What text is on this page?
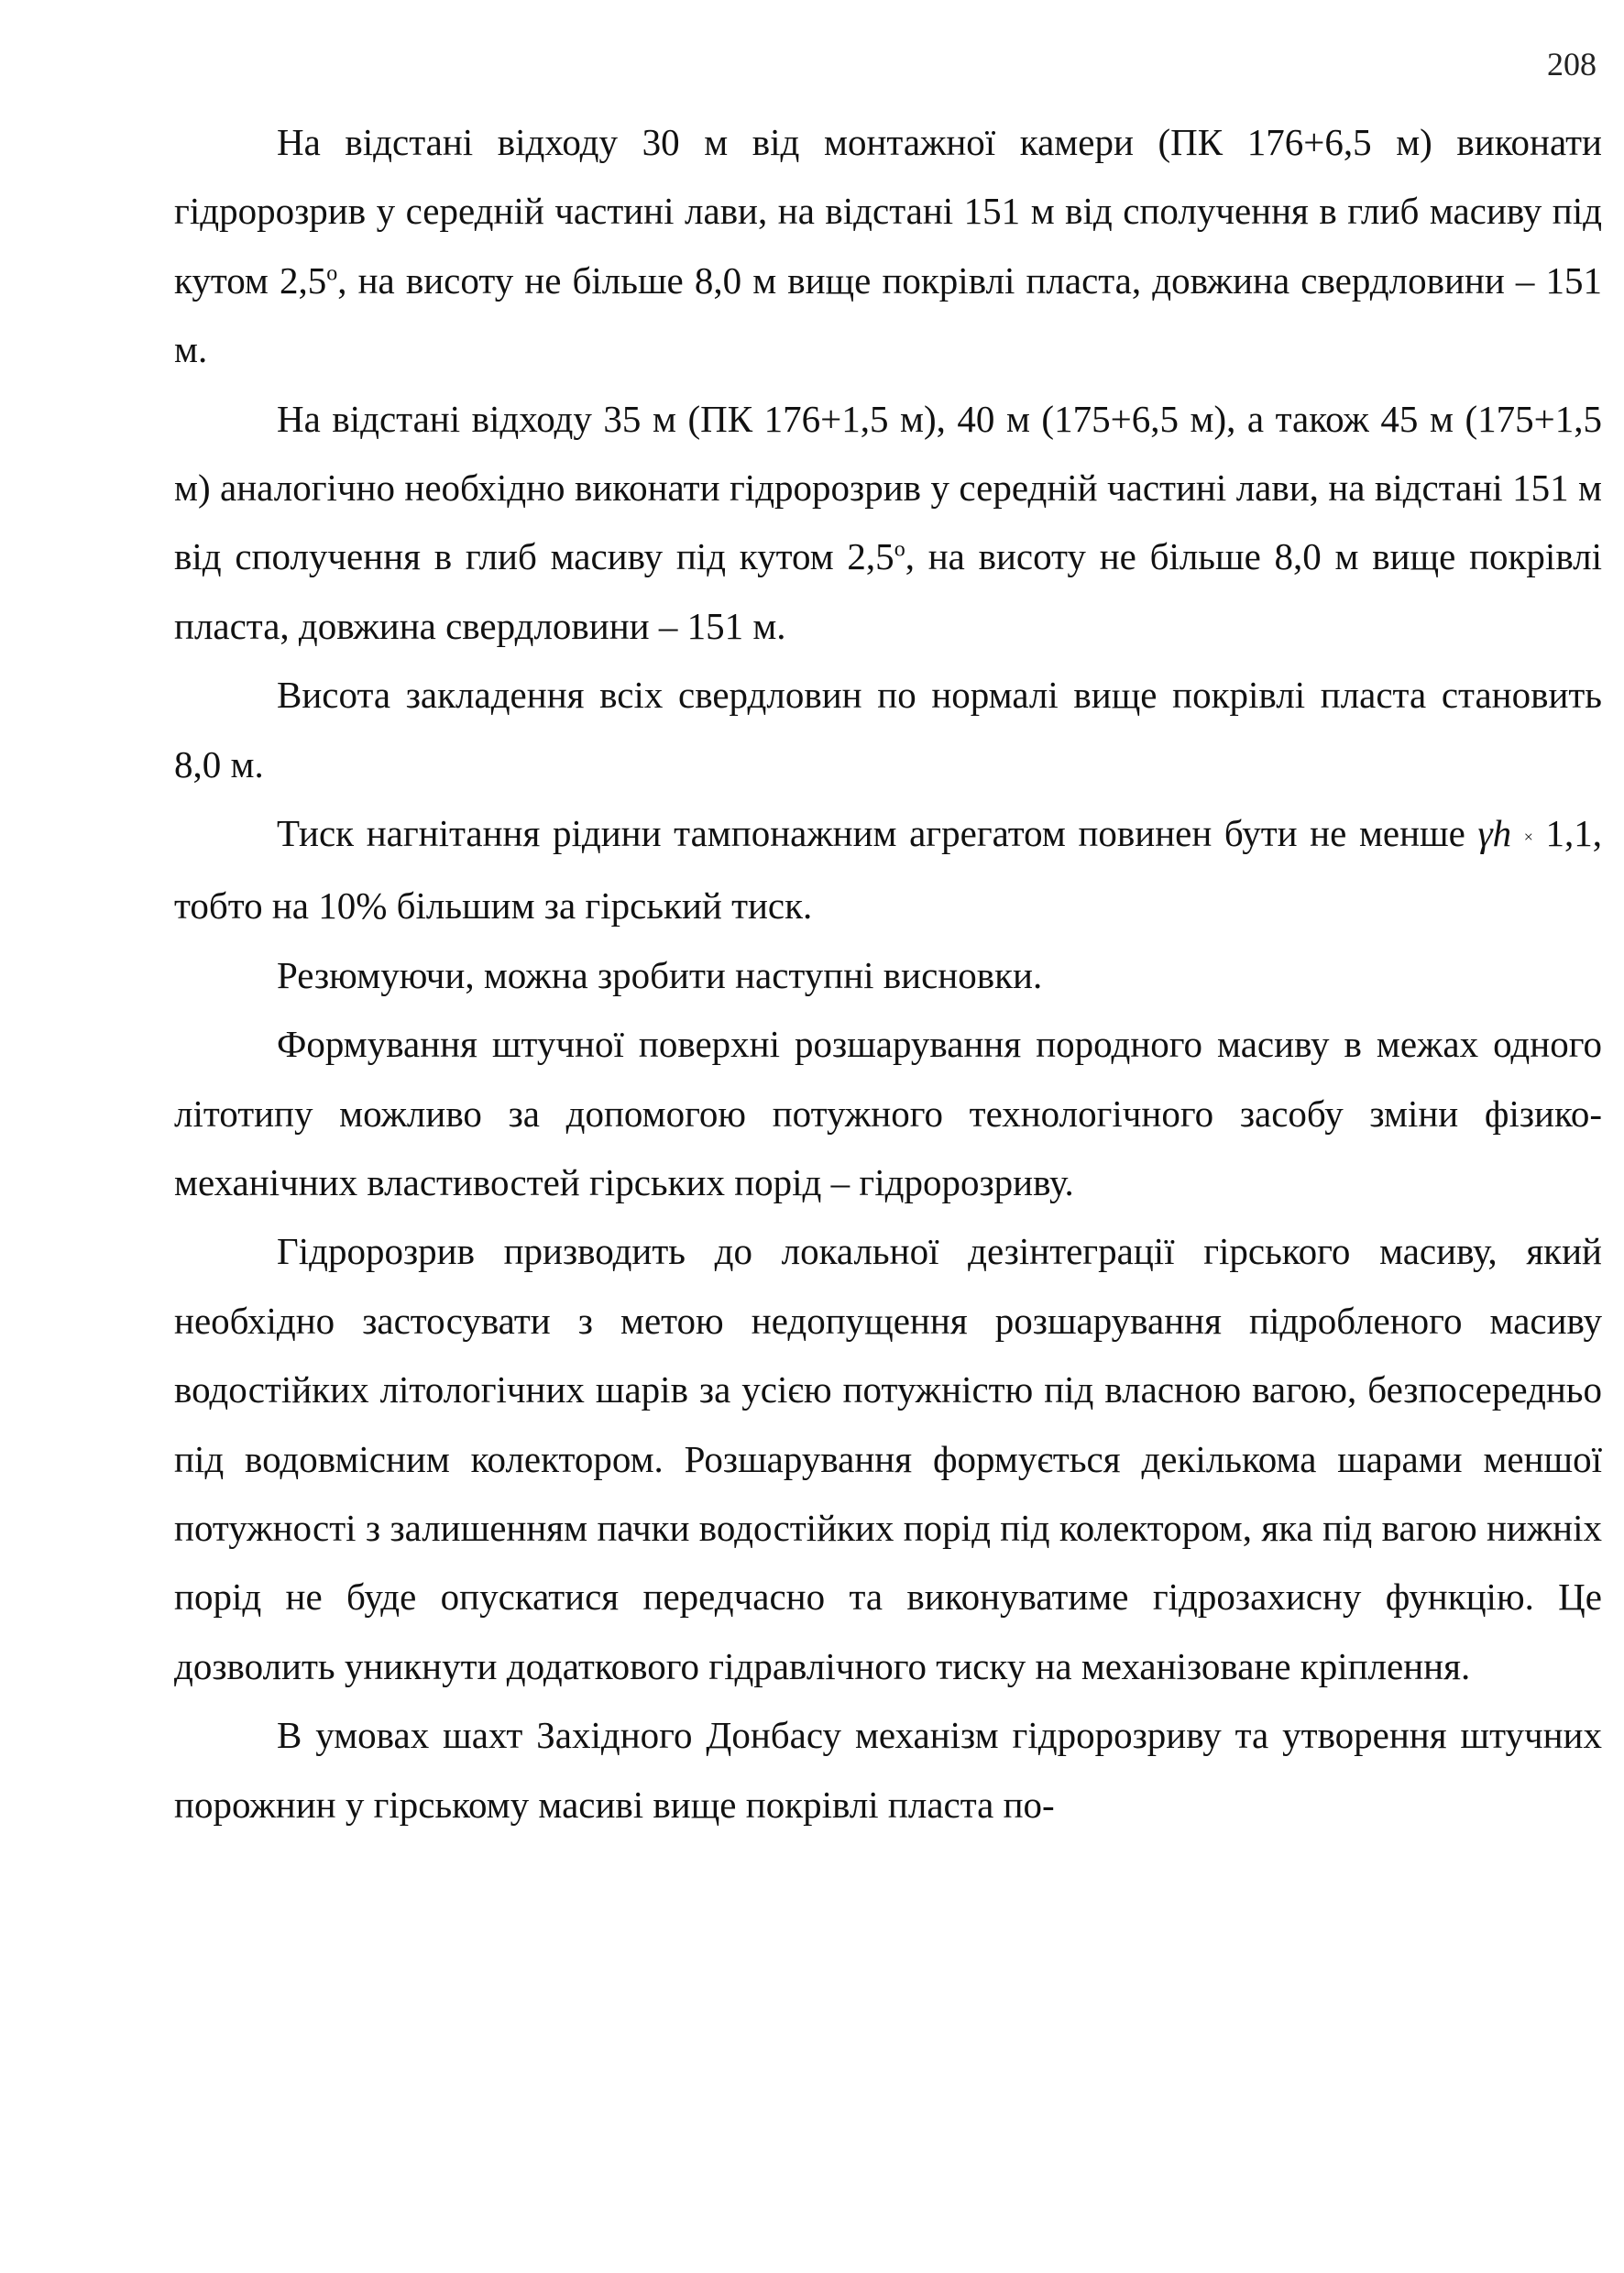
208

На відстані відходу 30 м від монтажної камери (ПК 176+6,5 м) виконати гідророзрив у середній частині лави, на відстані 151 м від сполучення в глиб масиву під кутом $2,5^о$, на висоту не більше 8,0 м вище покрівлі пласта, довжина свердловини – 151 м.

На відстані відходу 35 м (ПК 176+1,5 м), 40 м (175+6,5 м), а також 45 м (175+1,5 м) аналогічно необхідно виконати гідророзрив у середній частині лави, на відстані 151 м від сполучення в глиб масиву під кутом $2,5^о$, на висоту не більше 8,0 м вище покрівлі пласта, довжина свердловини – 151 м.

Висота закладення всіх свердловин по нормалі вище покрівлі пласта становить 8,0 м.

Тиск нагнітання рідини тампонажним агрегатом повинен бути не менше γh × 1,1, тобто на 10% більшим за гірський тиск.

Резюмуючи, можна зробити наступні висновки.

Формування штучної поверхні розшарування породного масиву в межах одного літотипу можливо за допомогою потужного технологічного засобу зміни фізико-механічних властивостей гірських порід – гідророзриву.

Гідророзрив призводить до локальної дезінтеграції гірського масиву, який необхідно застосувати з метою недопущення розшарування підробленого масиву водостійких літологічних шарів за усією потужністю під власною вагою, безпосередньо під водовмісним колектором. Розшарування формується декількома шарами меншої потужності з залишенням пачки водостійких порід під колектором, яка під вагою нижніх порід не буде опускатися передчасно та виконуватиме гідрозахисну функцію. Це дозволить уникнути додаткового гідравлічного тиску на механізоване кріплення.

В умовах шахт Західного Донбасу механізм гідророзриву та утворення штучних порожнин у гірському масиві вище покрівлі пласта по-
